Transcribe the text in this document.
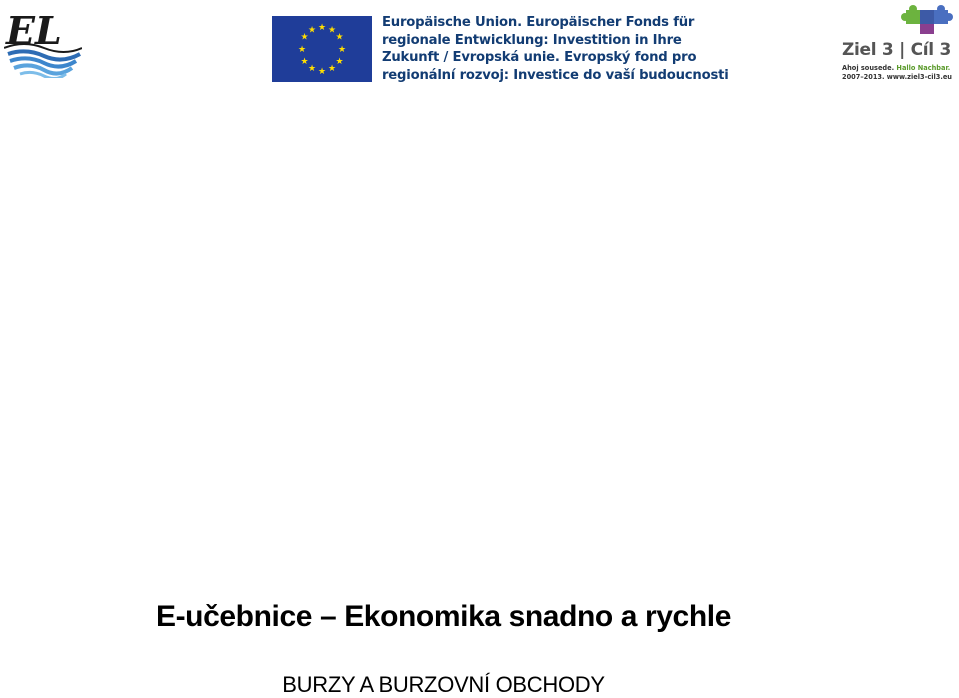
EL	★ ★
★
★
★
★
★
★
★
★
★
★
Europäische Union. Europäischer Fonds für
regionale Entwicklung: Investition in Ihre
Zukunft / Evropská unie. Evropský fond pro
regionální rozvoj: Investice do vaší budoucnosti
Ziel 3 | Cíl 3
Ahoj sousede. Hallo Nachbar.
2007–2013. www.ziel3-cil3.eu
E-učebnice – Ekonomika snadno a rychle
BURZY A BURZOVNÍ OBCHODY
